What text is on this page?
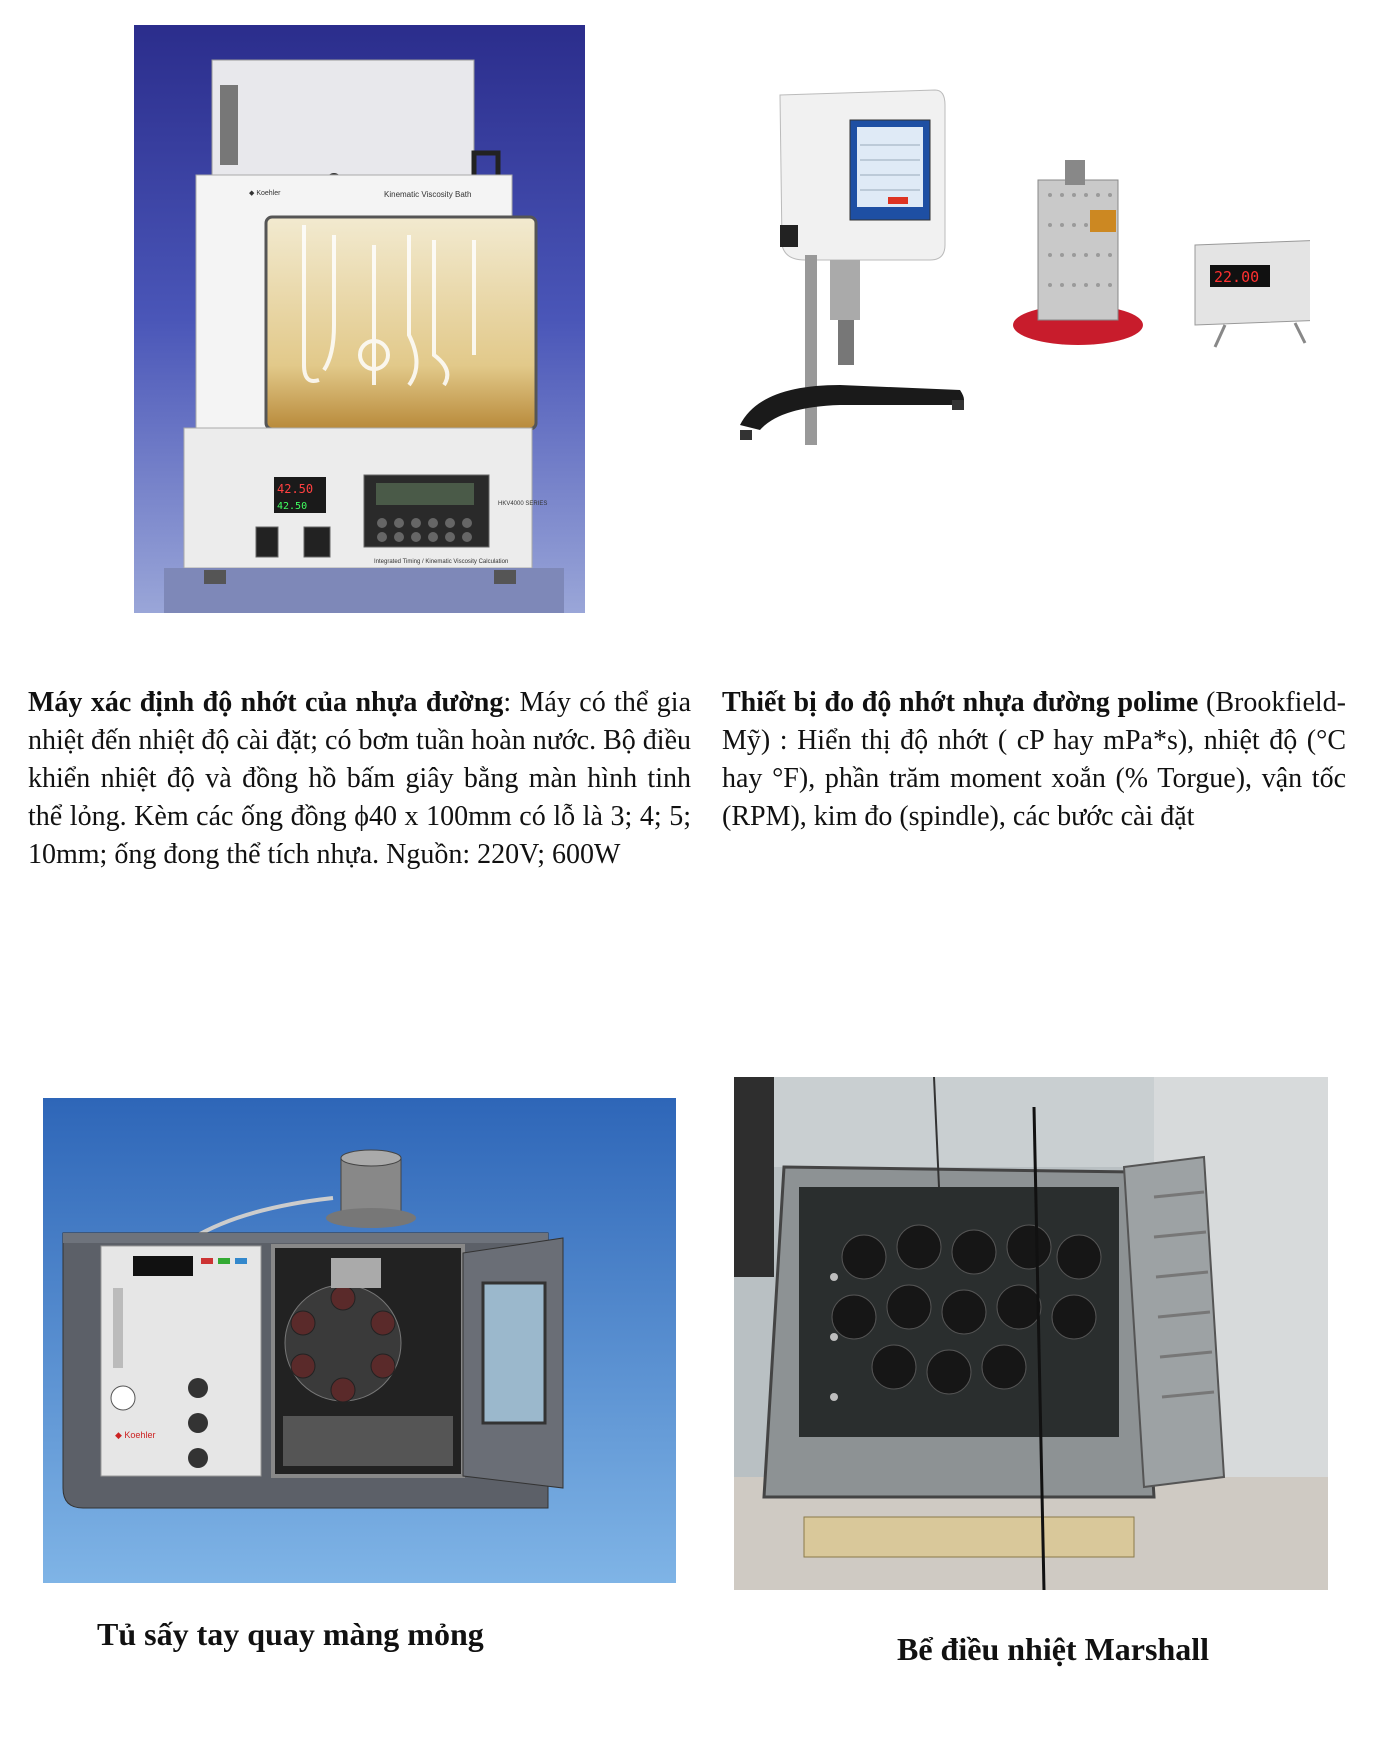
◆ Koehler	Kinematic Viscosity Bath
42.50
42.50	HKV4000 SERIES
Integrated Timing / Kinematic Viscosity Calculation
22.00
Máy xác định độ nhớt của nhựa đường: Máy có thể gia nhiệt đến nhiệt độ cài đặt; có bơm tuần hoàn nước. Bộ điều khiển nhiệt độ và đồng hồ bấm giây bằng màn hình tinh thể lỏng. Kèm các ống đồng ϕ40 x 100mm có lỗ là 3; 4; 5; 10mm; ống đong thể tích nhựa. Nguồn: 220V; 600W
Thiết bị đo độ nhớt nhựa đường polime (Brookfield-Mỹ) : Hiển thị độ nhớt ( cP hay mPa*s), nhiệt độ (°C hay °F), phần trăm moment xoắn (% Torgue), vận tốc (RPM), kim đo (spindle), các bước cài đặt
◆ Koehler
Tủ sấy tay quay màng mỏng	Bể điều nhiệt Marshall
